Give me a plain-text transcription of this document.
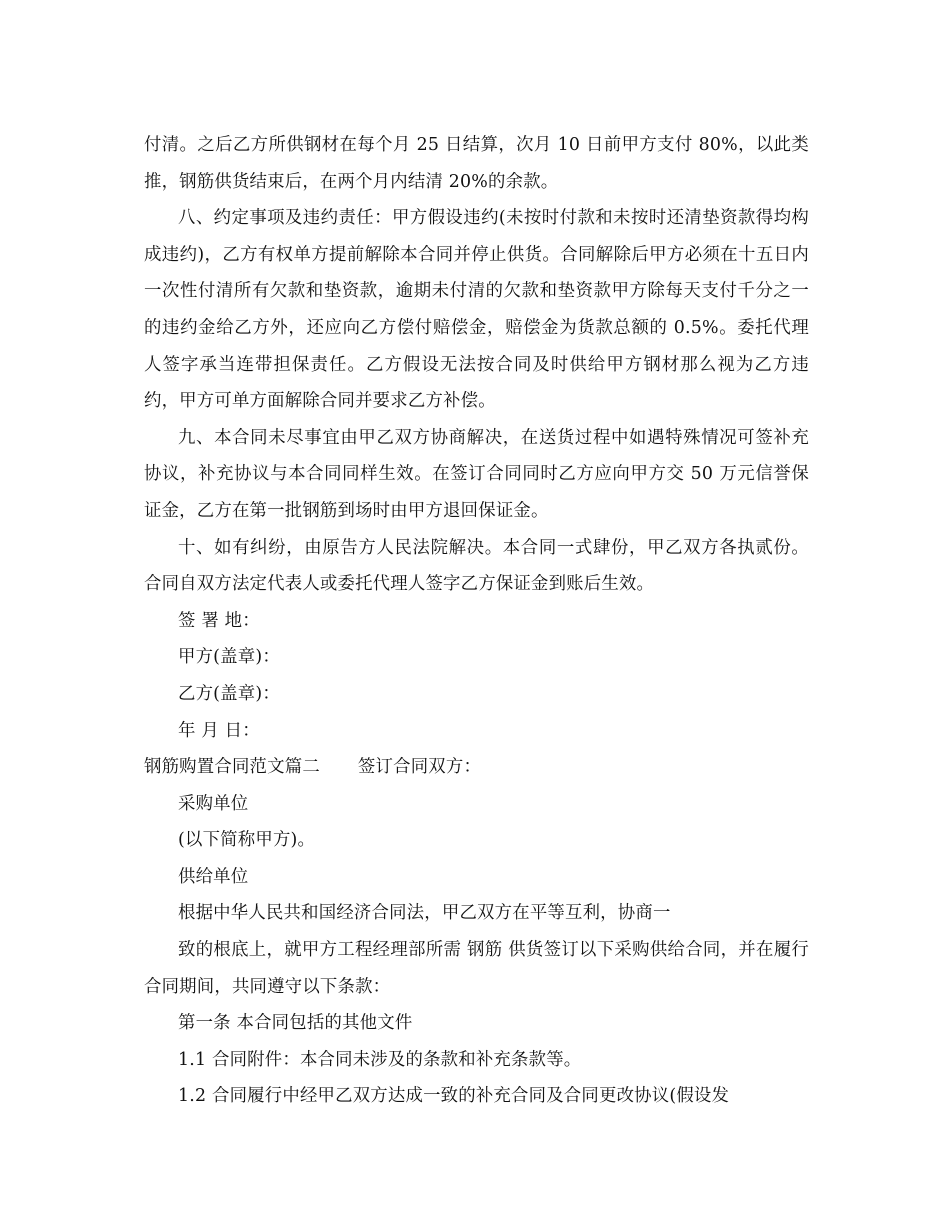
付清。之后乙方所供钢材在每个月 25 日结算，次月 10 日前甲方支付 80%，以此类推，钢筋供货结束后，在两个月内结清 20%的余款。

八、约定事项及违约责任：甲方假设违约(未按时付款和未按时还清垫资款得均构成违约)，乙方有权单方提前解除本合同并停止供货。合同解除后甲方必须在十五日内一次性付清所有欠款和垫资款，逾期未付清的欠款和垫资款甲方除每天支付千分之一的违约金给乙方外，还应向乙方偿付赔偿金，赔偿金为货款总额的 0.5%。委托代理人签字承当连带担保责任。乙方假设无法按合同及时供给甲方钢材那么视为乙方违约，甲方可单方面解除合同并要求乙方补偿。

九、本合同未尽事宜由甲乙双方协商解决，在送货过程中如遇特殊情况可签补充协议，补充协议与本合同同样生效。在签订合同同时乙方应向甲方交 50 万元信誉保证金，乙方在第一批钢筋到场时由甲方退回保证金。

十、如有纠纷，由原告方人民法院解决。本合同一式肆份，甲乙双方各执贰份。合同自双方法定代表人或委托代理人签字乙方保证金到账后生效。

签 署 地：

甲方(盖章)：

乙方(盖章)：

年 月 日：

钢筋购置合同范文篇二 签订合同双方：

采购单位

(以下简称甲方)。

供给单位

根据中华人民共和国经济合同法，甲乙双方在平等互利，协商一

致的根底上，就甲方工程经理部所需 钢筋 供货签订以下采购供给合同，并在履行合同期间，共同遵守以下条款：

第一条 本合同包括的其他文件

1.1 合同附件：本合同未涉及的条款和补充条款等。

1.2 合同履行中经甲乙双方达成一致的补充合同及合同更改协议(假设发
